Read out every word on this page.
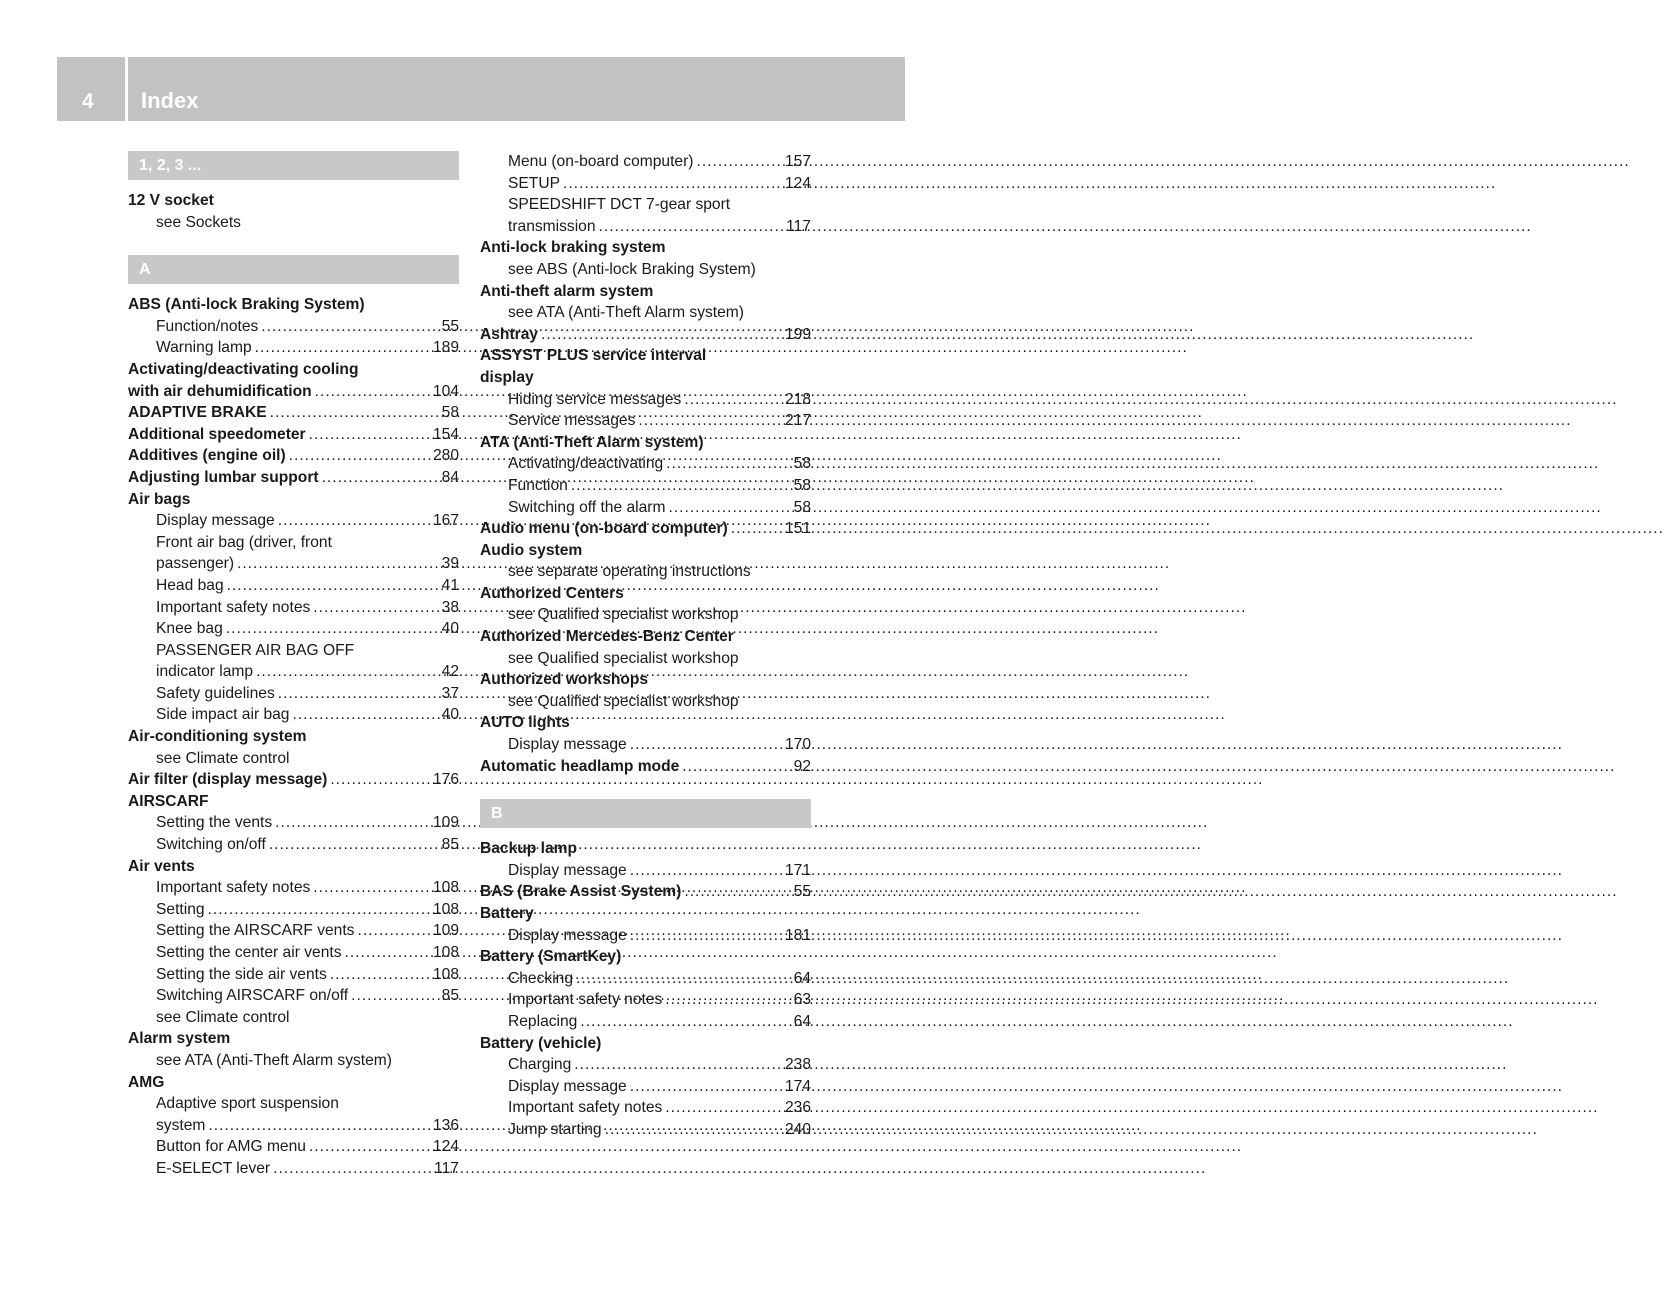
4 Index
1, 2, 3 ...
12 V socket
see Sockets
A
ABS (Anti-lock Braking System)
Function/notes .....	55
Warning lamp .....	189
Activating/deactivating cooling
with air dehumidification .....	104
ADAPTIVE BRAKE .....	58
Additional speedometer .....	154
Additives (engine oil) .....	280
Adjusting lumbar support .....	84
Air bags
Display message .....	167
Front air bag (driver, front
passenger) .....	39
Head bag .....	41
Important safety notes .....	38
Knee bag .....	40
PASSENGER AIR BAG OFF
indicator lamp .....	42
Safety guidelines .....	37
Side impact air bag .....	40
Air-conditioning system
see Climate control
Air filter (display message) .....	176
AIRSCARF
Setting the vents .....	109
Switching on/off .....	85
Air vents
Important safety notes .....	108
Setting .....	108
Setting the AIRSCARF vents .....	109
Setting the center air vents .....	108
Setting the side air vents .....	108
Switching AIRSCARF on/off .....	85
see Climate control
Alarm system
see ATA (Anti-Theft Alarm system)
AMG
Adaptive sport suspension
system .....	136
Button for AMG menu .....	124
E-SELECT lever .....	117
Menu (on-board computer) .....	157
SETUP .....	124
SPEEDSHIFT DCT 7-gear sport
transmission .....	117
Anti-lock braking system
see ABS (Anti-lock Braking System)
Anti-theft alarm system
see ATA (Anti-Theft Alarm system)
Ashtray .....	199
ASSYST PLUS service interval
display
Hiding service messages .....	218
Service messages .....	217
ATA (Anti-Theft Alarm system)
Activating/deactivating .....	58
Function .....	58
Switching off the alarm .....	58
Audio menu (on-board computer) .....	151
Audio system
see separate operating instructions
Authorized Centers
see Qualified specialist workshop
Authorized Mercedes-Benz Center
see Qualified specialist workshop
Authorized workshops
see Qualified specialist workshop
AUTO lights
Display message .....	170
Automatic headlamp mode .....	92
B
Backup lamp
Display message .....	171
BAS (Brake Assist System) .....	55
Battery
Display message .....	181
Battery (SmartKey)
Checking .....	64
Important safety notes .....	63
Replacing .....	64
Battery (vehicle)
Charging .....	238
Display message .....	174
Important safety notes .....	236
Jump starting .....	240
